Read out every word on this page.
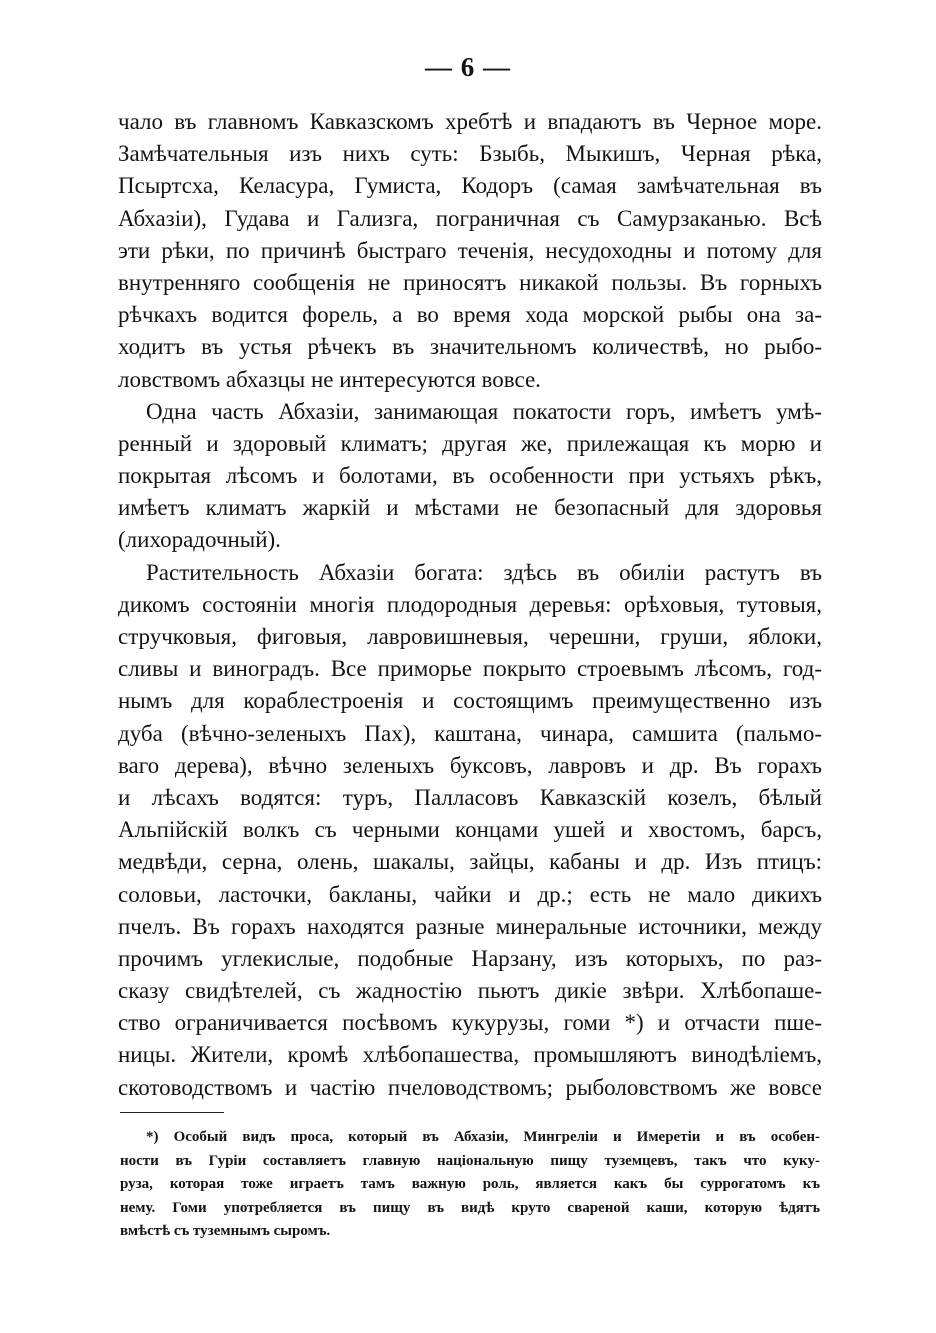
— 6 —
чало въ главномъ Кавказскомъ хребтѣ и впадаютъ въ Черное море.
Замѣчательныя изъ нихъ суть: Бзыбь, Мыкишъ, Черная рѣка,
Псыртсха, Келасура, Гумиста, Кодоръ (самая замѣчательная въ
Абхазіи), Гудава и Гализга, пограничная съ Самурзаканью. Всѣ
эти рѣки, по причинѣ быстраго теченія, несудоходны и потому для
внутренняго сообщенія не приносятъ никакой пользы. Въ горныхъ
рѣчкахъ водится форель, а во время хода морской рыбы она за-
ходитъ въ устья рѣчекъ въ значительномъ количествѣ, но рыбо-
ловствомъ абхазцы не интересуются вовсе.
Одна часть Абхазіи, занимающая покатости горъ, имѣетъ умѣ-
ренный и здоровый климатъ; другая же, прилежащая къ морю и
покрытая лѣсомъ и болотами, въ особенности при устьяхъ рѣкъ,
имѣетъ климатъ жаркій и мѣстами не безопасный для здоровья
(лихорадочный).
Растительность Абхазіи богата: здѣсь въ обиліи растутъ въ
дикомъ состояніи многія плодородныя деревья: орѣховыя, тутовыя,
стручковыя, фиговыя, лавровишневыя, черешни, груши, яблоки,
сливы и виноградъ. Все приморье покрыто строевымъ лѣсомъ, год-
нымъ для кораблестроенія и состоящимъ преимущественно изъ
дуба (вѣчно-зеленыхъ Паx), каштана, чинара, самшита (пальмо-
ваго дерева), вѣчно зеленыхъ буксовъ, лавровъ и др. Въ горахъ
и лѣсахъ водятся: туръ, Палласовъ Кавказскій козелъ, бѣлый
Альпійскій волкъ съ черными концами ушей и хвостомъ, барсъ,
медвѣди, серна, олень, шакалы, зайцы, кабаны и др. Изъ птицъ:
соловьи, ласточки, бакланы, чайки и др.; есть не мало дикихъ
пчелъ. Въ горахъ находятся разные минеральные источники, между
прочимъ углекислые, подобные Нарзану, изъ которыхъ, по раз-
сказу свидѣтелей, съ жадностію пьютъ дикіе звѣри. Хлѣбопаше-
ство ограничивается посѣвомъ кукурузы, гоми *) и отчасти пше-
ницы. Жители, кромѣ хлѣбопашества, промышляютъ винодѣліемъ,
скотоводствомъ и частію пчеловодствомъ; рыболовствомъ же вовсе
*) Особый видъ проса, который въ Абхазіи, Мингреліи и Имеретіи и въ особен-
ности въ Гуріи составляетъ главную національную пищу туземцевъ, такъ что куку-
руза, которая тоже играетъ тамъ важную роль, является какъ бы суррогатомъ къ
нему. Гоми употребляется въ пищу въ видѣ круто свареной каши, которую ѣдятъ
вмѣстѣ съ туземнымъ сыромъ.
